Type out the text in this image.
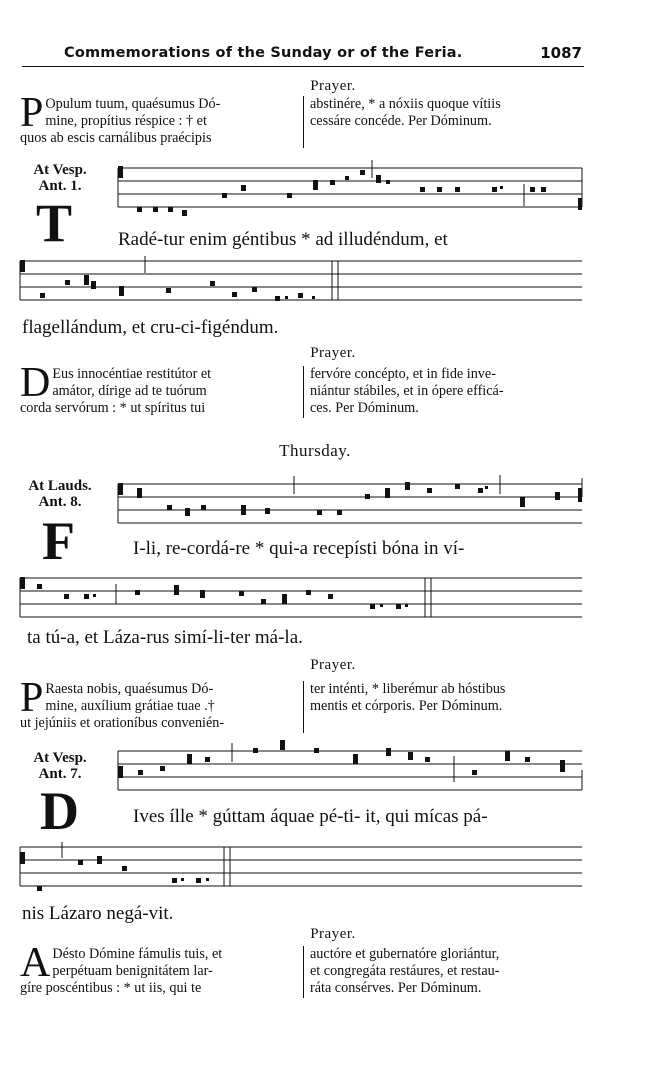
Commemorations of the Sunday or of the Feria.	1087
Prayer.
P Opulum tuum, quaésumus Dó-
mine, propítius réspice : † et
quos ab escis carnálibus praécipis
abstinére, * a nóxiis quoque vítiis
cessáre concéde. Per Dóminum.
At Vesp.
Ant. 1.
T Radé-tur enim géntibus * ad illudéndum, et
flagellándum, et cru-ci-figéndum.
Prayer.
D Eus innocéntiae restitútor et
amátor, dírige ad te tuórum
corda servórum : * ut spíritus tui
fervóre concépto, et in fide inve-
niántur stábiles, et in ópere efficá-
ces. Per Dóminum.
Thursday.
At Lauds.
Ant. 8.
F	I-li, re-cordá-re * qui-a recepísti bóna in ví-
ta tú-a, et Láza-rus simí-li-ter má-la.
Prayer.
P Raesta nobis, quaésumus Dó-
mine, auxílium grátiae tuae .†
ut jejúniis et orationíbus convenién-
ter inténti, * liberémur ab hóstibus
mentis et córporis. Per Dóminum.
At Vesp.
Ant. 7.
D	Ives ílle * gúttam áquae pé-ti- it, qui mícas pá-
nis Lázaro negá-vit.
Prayer.
A Désto Dómine fámulis tuis, et
perpétuam benignitátem lar-
gíre poscéntibus : * ut iis, qui te
auctóre et gubernatóre gloriántur,
et congregáta restáures, et restau-
ráta consérves. Per Dóminum.
